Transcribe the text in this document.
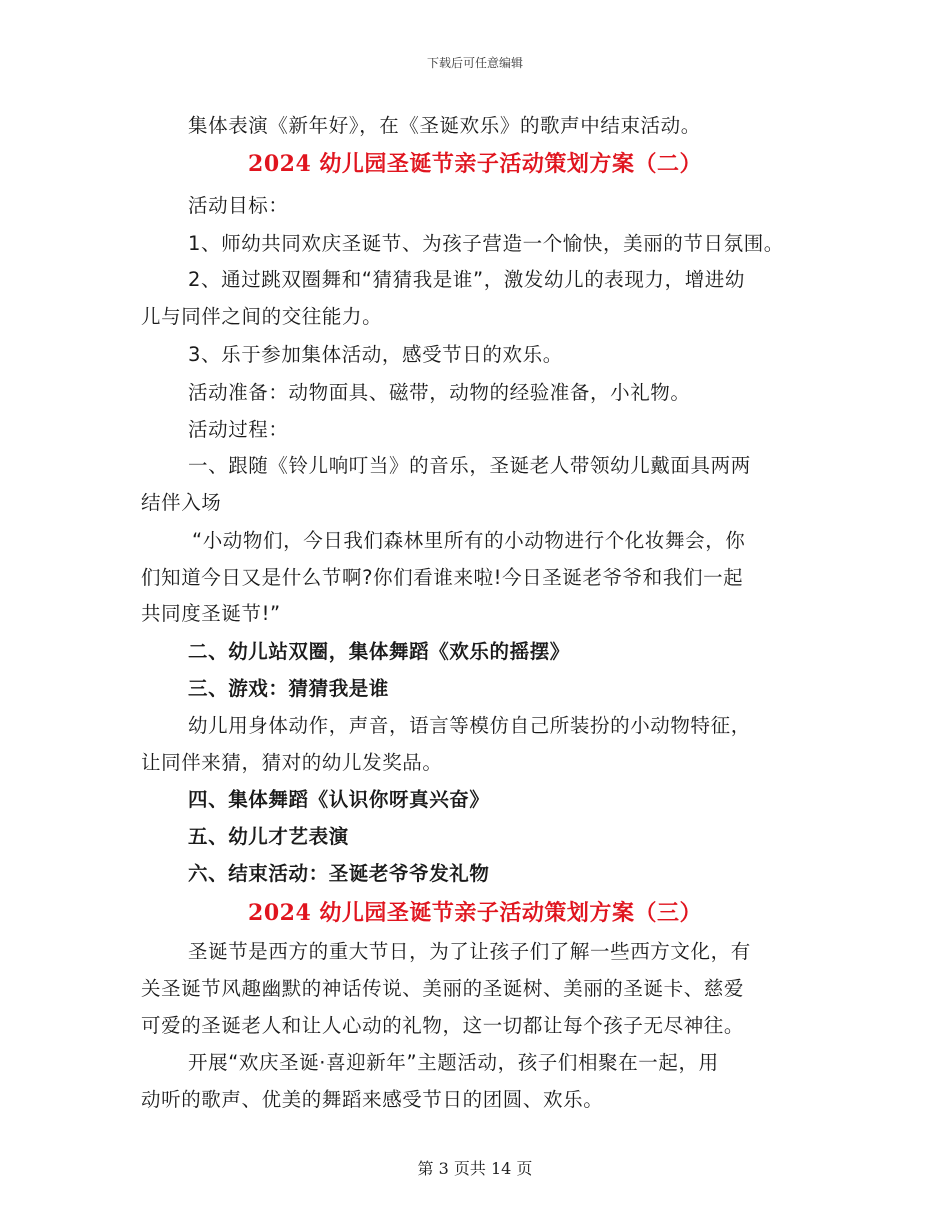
下载后可任意编辑
集体表演《新年好》，在《圣诞欢乐》的歌声中结束活动。
2024 幼儿园圣诞节亲子活动策划方案（二）
活动目标：
1、师幼共同欢庆圣诞节、为孩子营造一个愉快，美丽的节日氛围。
2、通过跳双圈舞和“猜猜我是谁”，激发幼儿的表现力，增进幼
儿与同伴之间的交往能力。
3、乐于参加集体活动，感受节日的欢乐。
活动准备：动物面具、磁带，动物的经验准备，小礼物。
活动过程：
一、跟随《铃儿响叮当》的音乐，圣诞老人带领幼儿戴面具两两
结伴入场
“小动物们，今日我们森林里所有的小动物进行个化妆舞会，你
们知道今日又是什么节啊?你们看谁来啦!今日圣诞老爷爷和我们一起
共同度圣诞节!”
二、幼儿站双圈，集体舞蹈《欢乐的摇摆》
三、游戏：猜猜我是谁
幼儿用身体动作，声音，语言等模仿自己所装扮的小动物特征，
让同伴来猜，猜对的幼儿发奖品。
四、集体舞蹈《认识你呀真兴奋》
五、幼儿才艺表演
六、结束活动：圣诞老爷爷发礼物
2024 幼儿园圣诞节亲子活动策划方案（三）
圣诞节是西方的重大节日，为了让孩子们了解一些西方文化，有
关圣诞节风趣幽默的神话传说、美丽的圣诞树、美丽的圣诞卡、慈爱
可爱的圣诞老人和让人心动的礼物，这一切都让每个孩子无尽神往。
开展“欢庆圣诞·喜迎新年”主题活动，孩子们相聚在一起，用
动听的歌声、优美的舞蹈来感受节日的团圆、欢乐。
第 3 页共 14 页
